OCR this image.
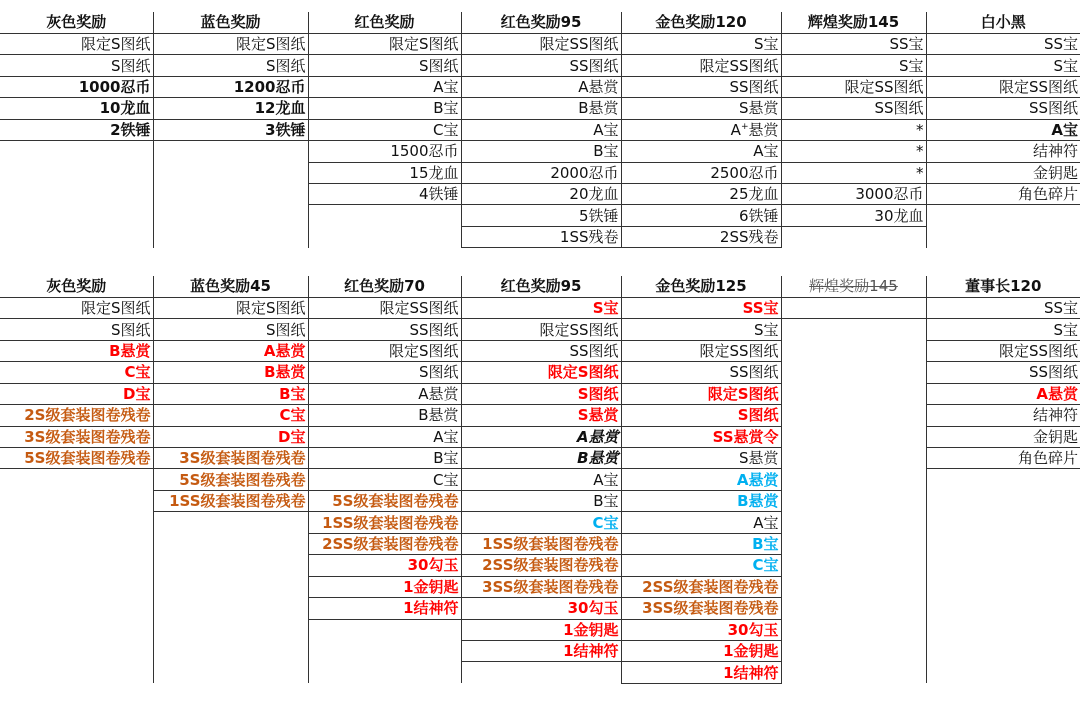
灰色奖励	蓝色奖励	红色奖励	红色奖励95	金色奖励120	辉煌奖励145	白小黑
限定S图纸	限定S图纸	限定S图纸	限定SS图纸	S宝	SS宝	SS宝
S图纸	S图纸	S图纸	SS图纸	限定SS图纸	S宝	S宝
1000忍币	1200忍币	A宝	A悬赏	SS图纸	限定SS图纸	限定SS图纸
10龙血	12龙血	B宝	B悬赏	S悬赏	SS图纸	SS图纸
2铁锤	3铁锤	C宝	A宝	A+悬赏	*	A宝
		1500忍币	B宝	A宝	*	结神符
		15龙血	2000忍币	2500忍币	*	金钥匙
		4铁锤	20龙血	25龙血	3000忍币	角色碎片
			5铁锤	6铁锤	30龙血	
			1SS残卷	2SS残卷		
灰色奖励	蓝色奖励45	红色奖励70	红色奖励95	金色奖励125	辉煌奖励145	董事长120
限定S图纸	限定S图纸	限定SS图纸	S宝	SS宝		SS宝
S图纸	S图纸	SS图纸	限定SS图纸	S宝		S宝
B悬赏	A悬赏	限定S图纸	SS图纸	限定SS图纸		限定SS图纸
C宝	B悬赏	S图纸	限定S图纸	SS图纸		SS图纸
D宝	B宝	A悬赏	S图纸	限定S图纸		A悬赏
2S级套装图卷残卷	C宝	B悬赏	S悬赏	S图纸		结神符
3S级套装图卷残卷	D宝	A宝	A悬赏	SS悬赏令		金钥匙
5S级套装图卷残卷	3S级套装图卷残卷	B宝	B悬赏	S悬赏		角色碎片
	5S级套装图卷残卷	C宝	A宝	A悬赏		
	1SS级套装图卷残卷	5S级套装图卷残卷	B宝	B悬赏		
		1SS级套装图卷残卷	C宝	A宝		
		2SS级套装图卷残卷	1SS级套装图卷残卷	B宝		
		30勾玉	2SS级套装图卷残卷	C宝		
		1金钥匙	3SS级套装图卷残卷	2SS级套装图卷残卷		
		1结神符	30勾玉	3SS级套装图卷残卷		
			1金钥匙	30勾玉		
			1结神符	1金钥匙		
				1结神符		
